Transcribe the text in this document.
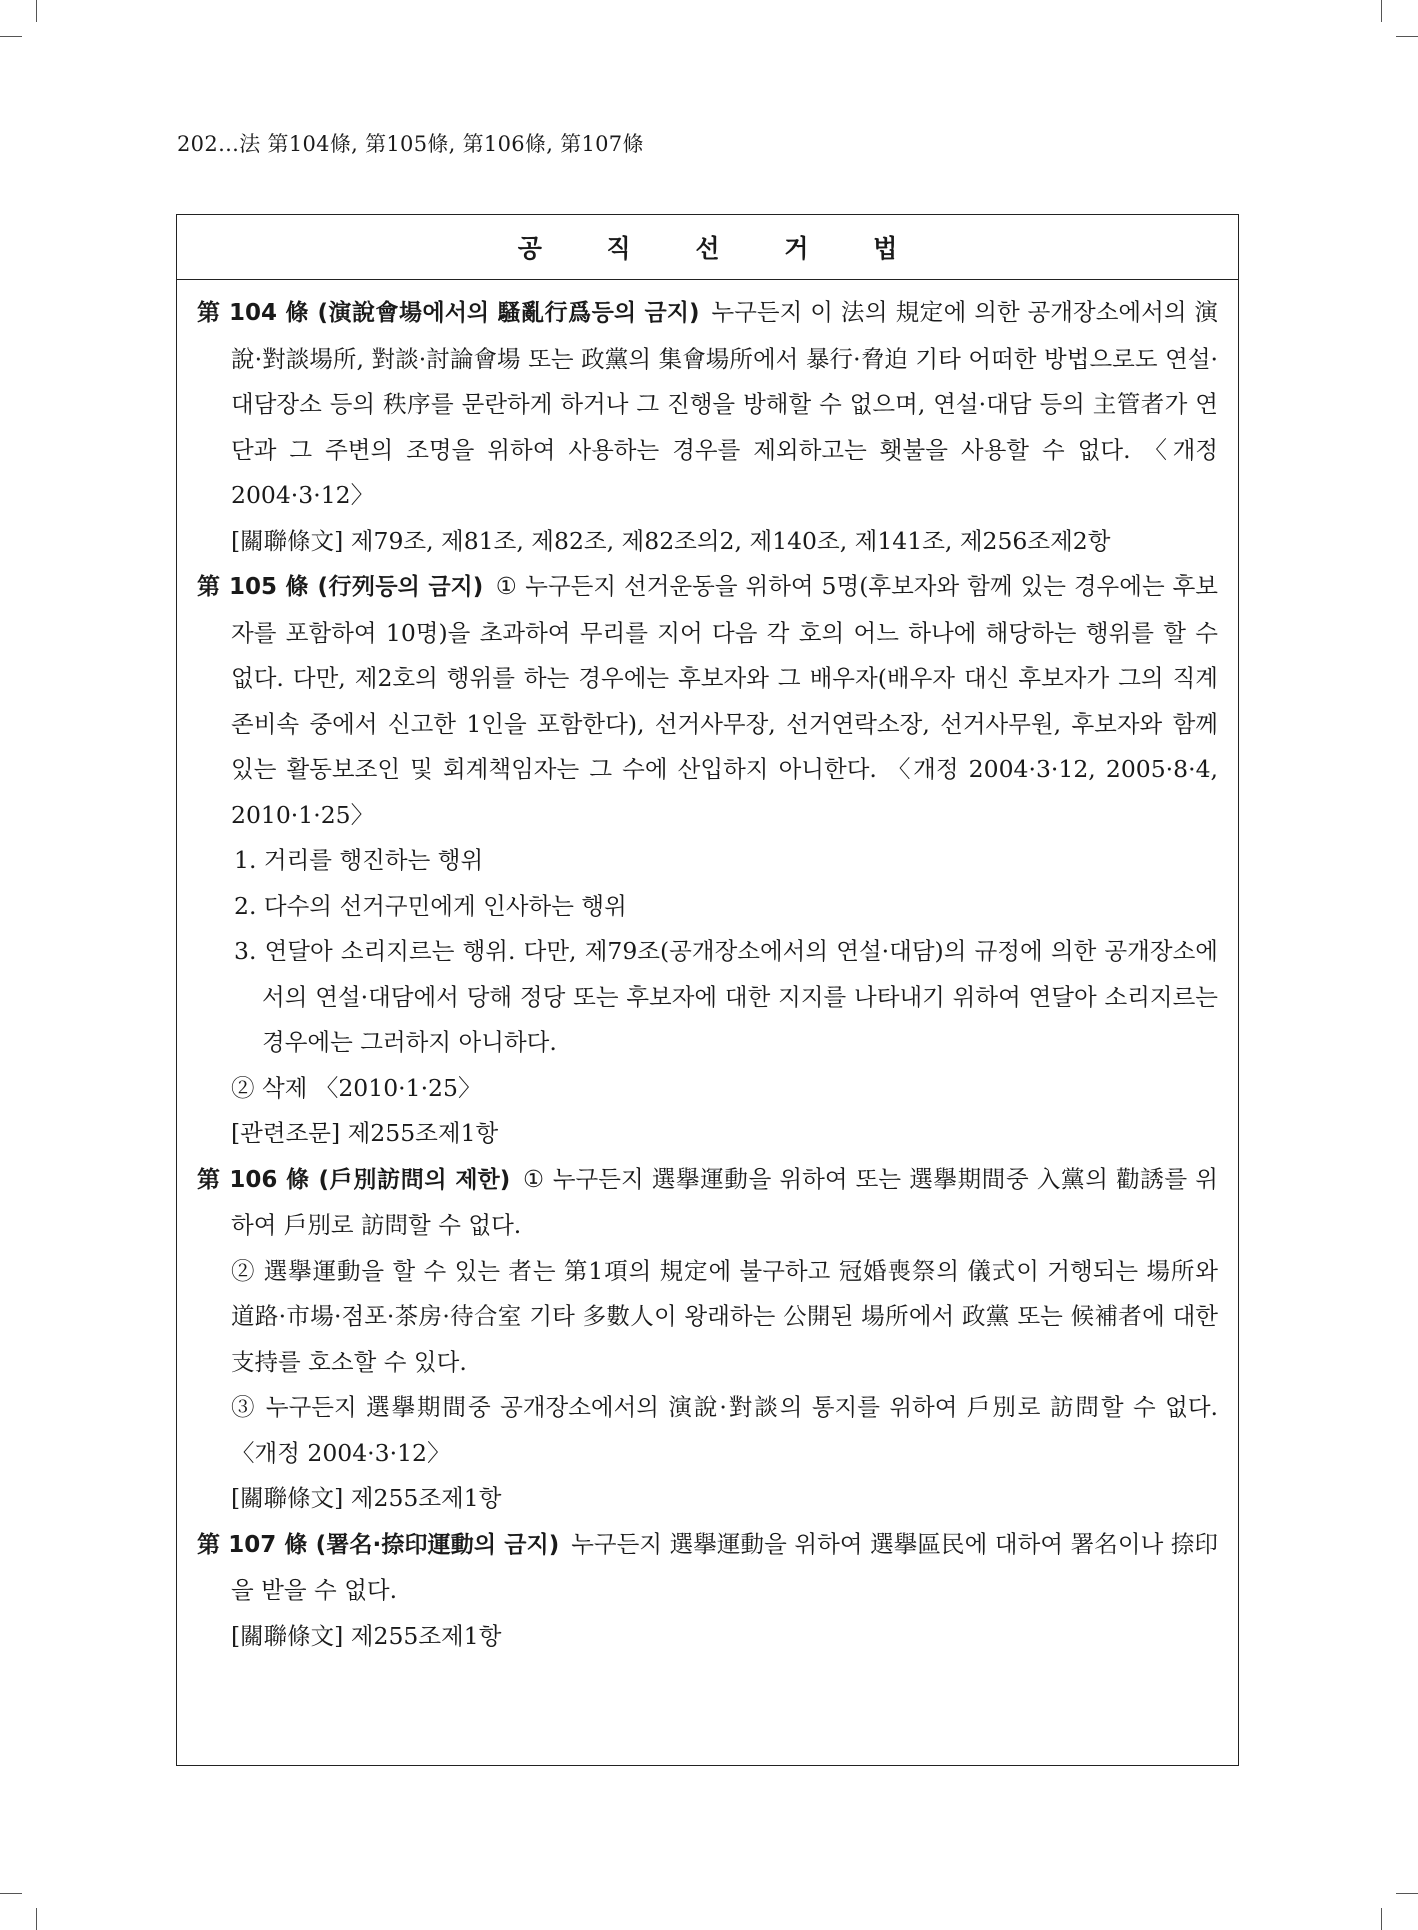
202…法 第104條, 第105條, 第106條, 第107條
공 직 선 거 법

第 104 條 (演說會場에서의 騷亂行爲등의 금지) 누구든지 이 法의 規定에 의한 공개장소에서의 演說·對談場所, 對談·討論會場 또는 政黨의 集會場所에서 暴行·脅迫 기타 어떠한 방법으로도 연설·대담장소 등의 秩序를 문란하게 하거나 그 진행을 방해할 수 없으며, 연설·대담 등의 主管者가 연단과 그 주변의 조명을 위하여 사용하는 경우를 제외하고는 횃불을 사용할 수 없다. 〈개정 2004·3·12〉

[關聯條文] 제79조, 제81조, 제82조, 제82조의2, 제140조, 제141조, 제256조제2항

第 105 條 (行列등의 금지) ① 누구든지 선거운동을 위하여 5명(후보자와 함께 있는 경우에는 후보자를 포함하여 10명)을 초과하여 무리를 지어 다음 각 호의 어느 하나에 해당하는 행위를 할 수 없다. 다만, 제2호의 행위를 하는 경우에는 후보자와 그 배우자(배우자 대신 후보자가 그의 직계존비속 중에서 신고한 1인을 포함한다), 선거사무장, 선거연락소장, 선거사무원, 후보자와 함께 있는 활동보조인 및 회계책임자는 그 수에 산입하지 아니한다. 〈개정 2004·3·12, 2005·8·4, 2010·1·25〉

1. 거리를 행진하는 행위

2. 다수의 선거구민에게 인사하는 행위

3. 연달아 소리지르는 행위. 다만, 제79조(공개장소에서의 연설·대담)의 규정에 의한 공개장소에서의 연설·대담에서 당해 정당 또는 후보자에 대한 지지를 나타내기 위하여 연달아 소리지르는 경우에는 그러하지 아니하다.

② 삭제 〈2010·1·25〉

[관련조문] 제255조제1항

第 106 條 (戶別訪問의 제한) ① 누구든지 選擧運動을 위하여 또는 選擧期間중 入黨의 勸誘를 위하여 戶別로 訪問할 수 없다.

② 選擧運動을 할 수 있는 者는 第1項의 規定에 불구하고 冠婚喪祭의 儀式이 거행되는 場所와 道路·市場·점포·茶房·待合室 기타 多數人이 왕래하는 公開된 場所에서 政黨 또는 候補者에 대한 支持를 호소할 수 있다.

③ 누구든지 選擧期間중 공개장소에서의 演說·對談의 통지를 위하여 戶別로 訪問할 수 없다. 〈개정 2004·3·12〉

[關聯條文] 제255조제1항

第 107 條 (署名·捺印運動의 금지) 누구든지 選擧運動을 위하여 選擧區民에 대하여 署名이나 捺印을 받을 수 없다.

[關聯條文] 제255조제1항
